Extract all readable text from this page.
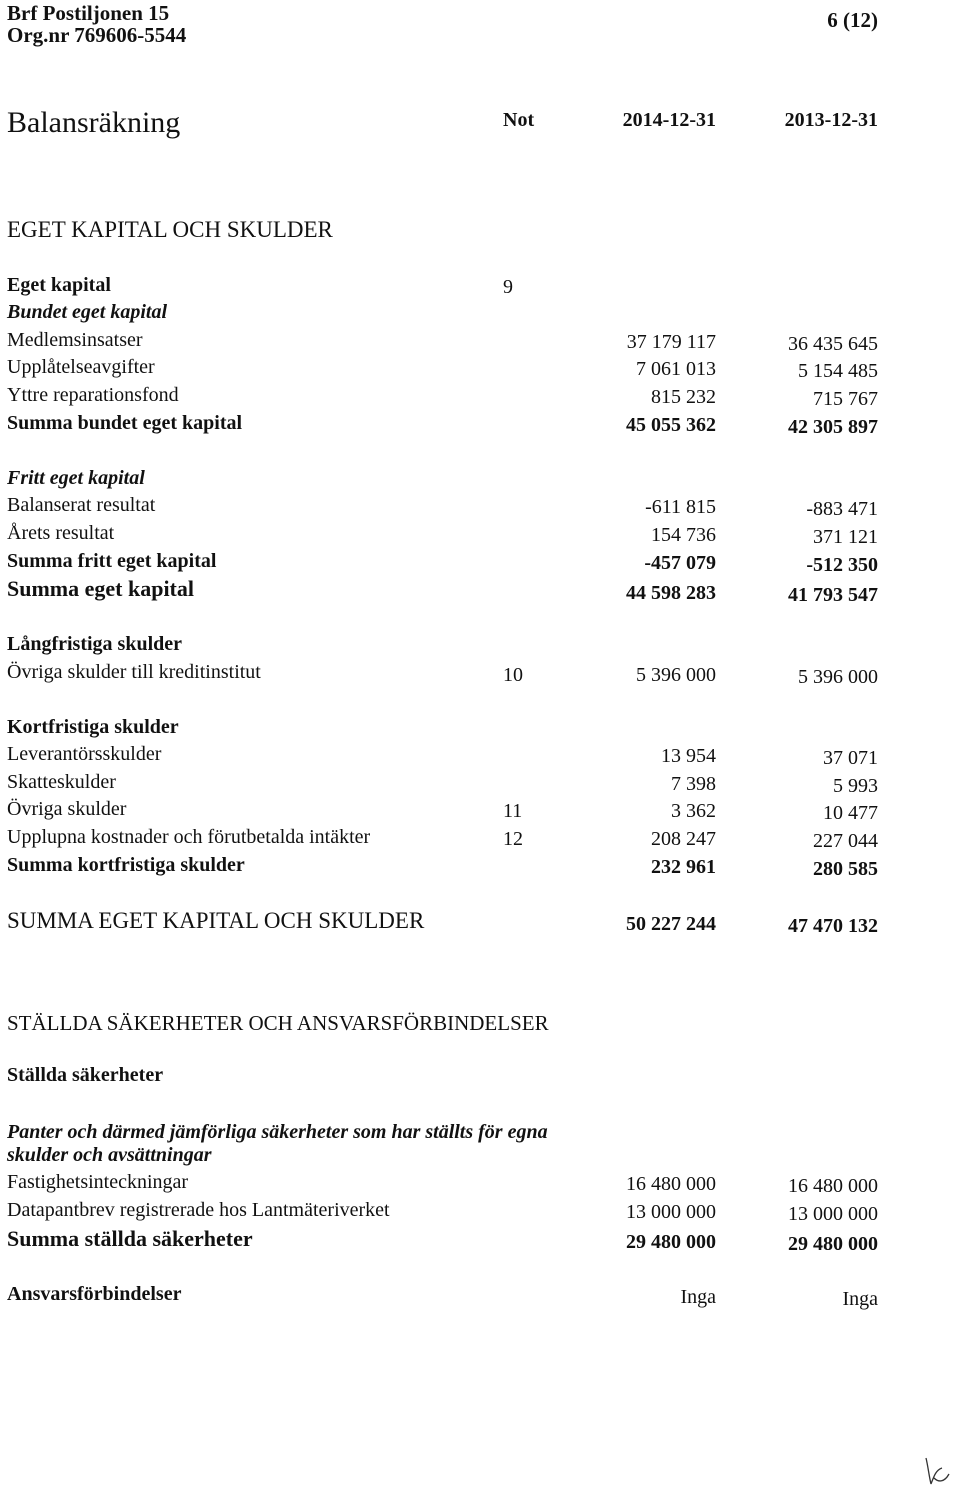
Brf Postiljonen 15
Org.nr 769606-5544
6 (12)
Balansräkning	Not	2014-12-31	2013-12-31
EGET KAPITAL OCH SKULDER
Eget kapital	9
Bundet eget kapital
Medlemsinsatser	37 179 117	36 435 645
Upplåtelseavgifter	7 061 013	5 154 485
Yttre reparationsfond	815 232	715 767
Summa bundet eget kapital	45 055 362	42 305 897
Fritt eget kapital
Balanserat resultat	-611 815	-883 471
Årets resultat	154 736	371 121
Summa fritt eget kapital	-457 079	-512 350
Summa eget kapital	44 598 283	41 793 547
Långfristiga skulder
Övriga skulder till kreditinstitut	10	5 396 000	5 396 000
Kortfristiga skulder
Leverantörsskulder	13 954	37 071
Skatteskulder	7 398	5 993
Övriga skulder	11	3 362	10 477
Upplupna kostnader och förutbetalda intäkter	12	208 247	227 044
Summa kortfristiga skulder	232 961	280 585
SUMMA EGET KAPITAL OCH SKULDER	50 227 244	47 470 132
STÄLLDA SÄKERHETER OCH ANSVARSFÖRBINDELSER
Ställda säkerheter
Panter och därmed jämförliga säkerheter som har ställts för egna
skulder och avsättningar
Fastighetsinteckningar	16 480 000	16 480 000
Datapantbrev registrerade hos Lantmäteriverket	13 000 000	13 000 000
Summa ställda säkerheter	29 480 000	29 480 000
Ansvarsförbindelser	Inga	Inga
